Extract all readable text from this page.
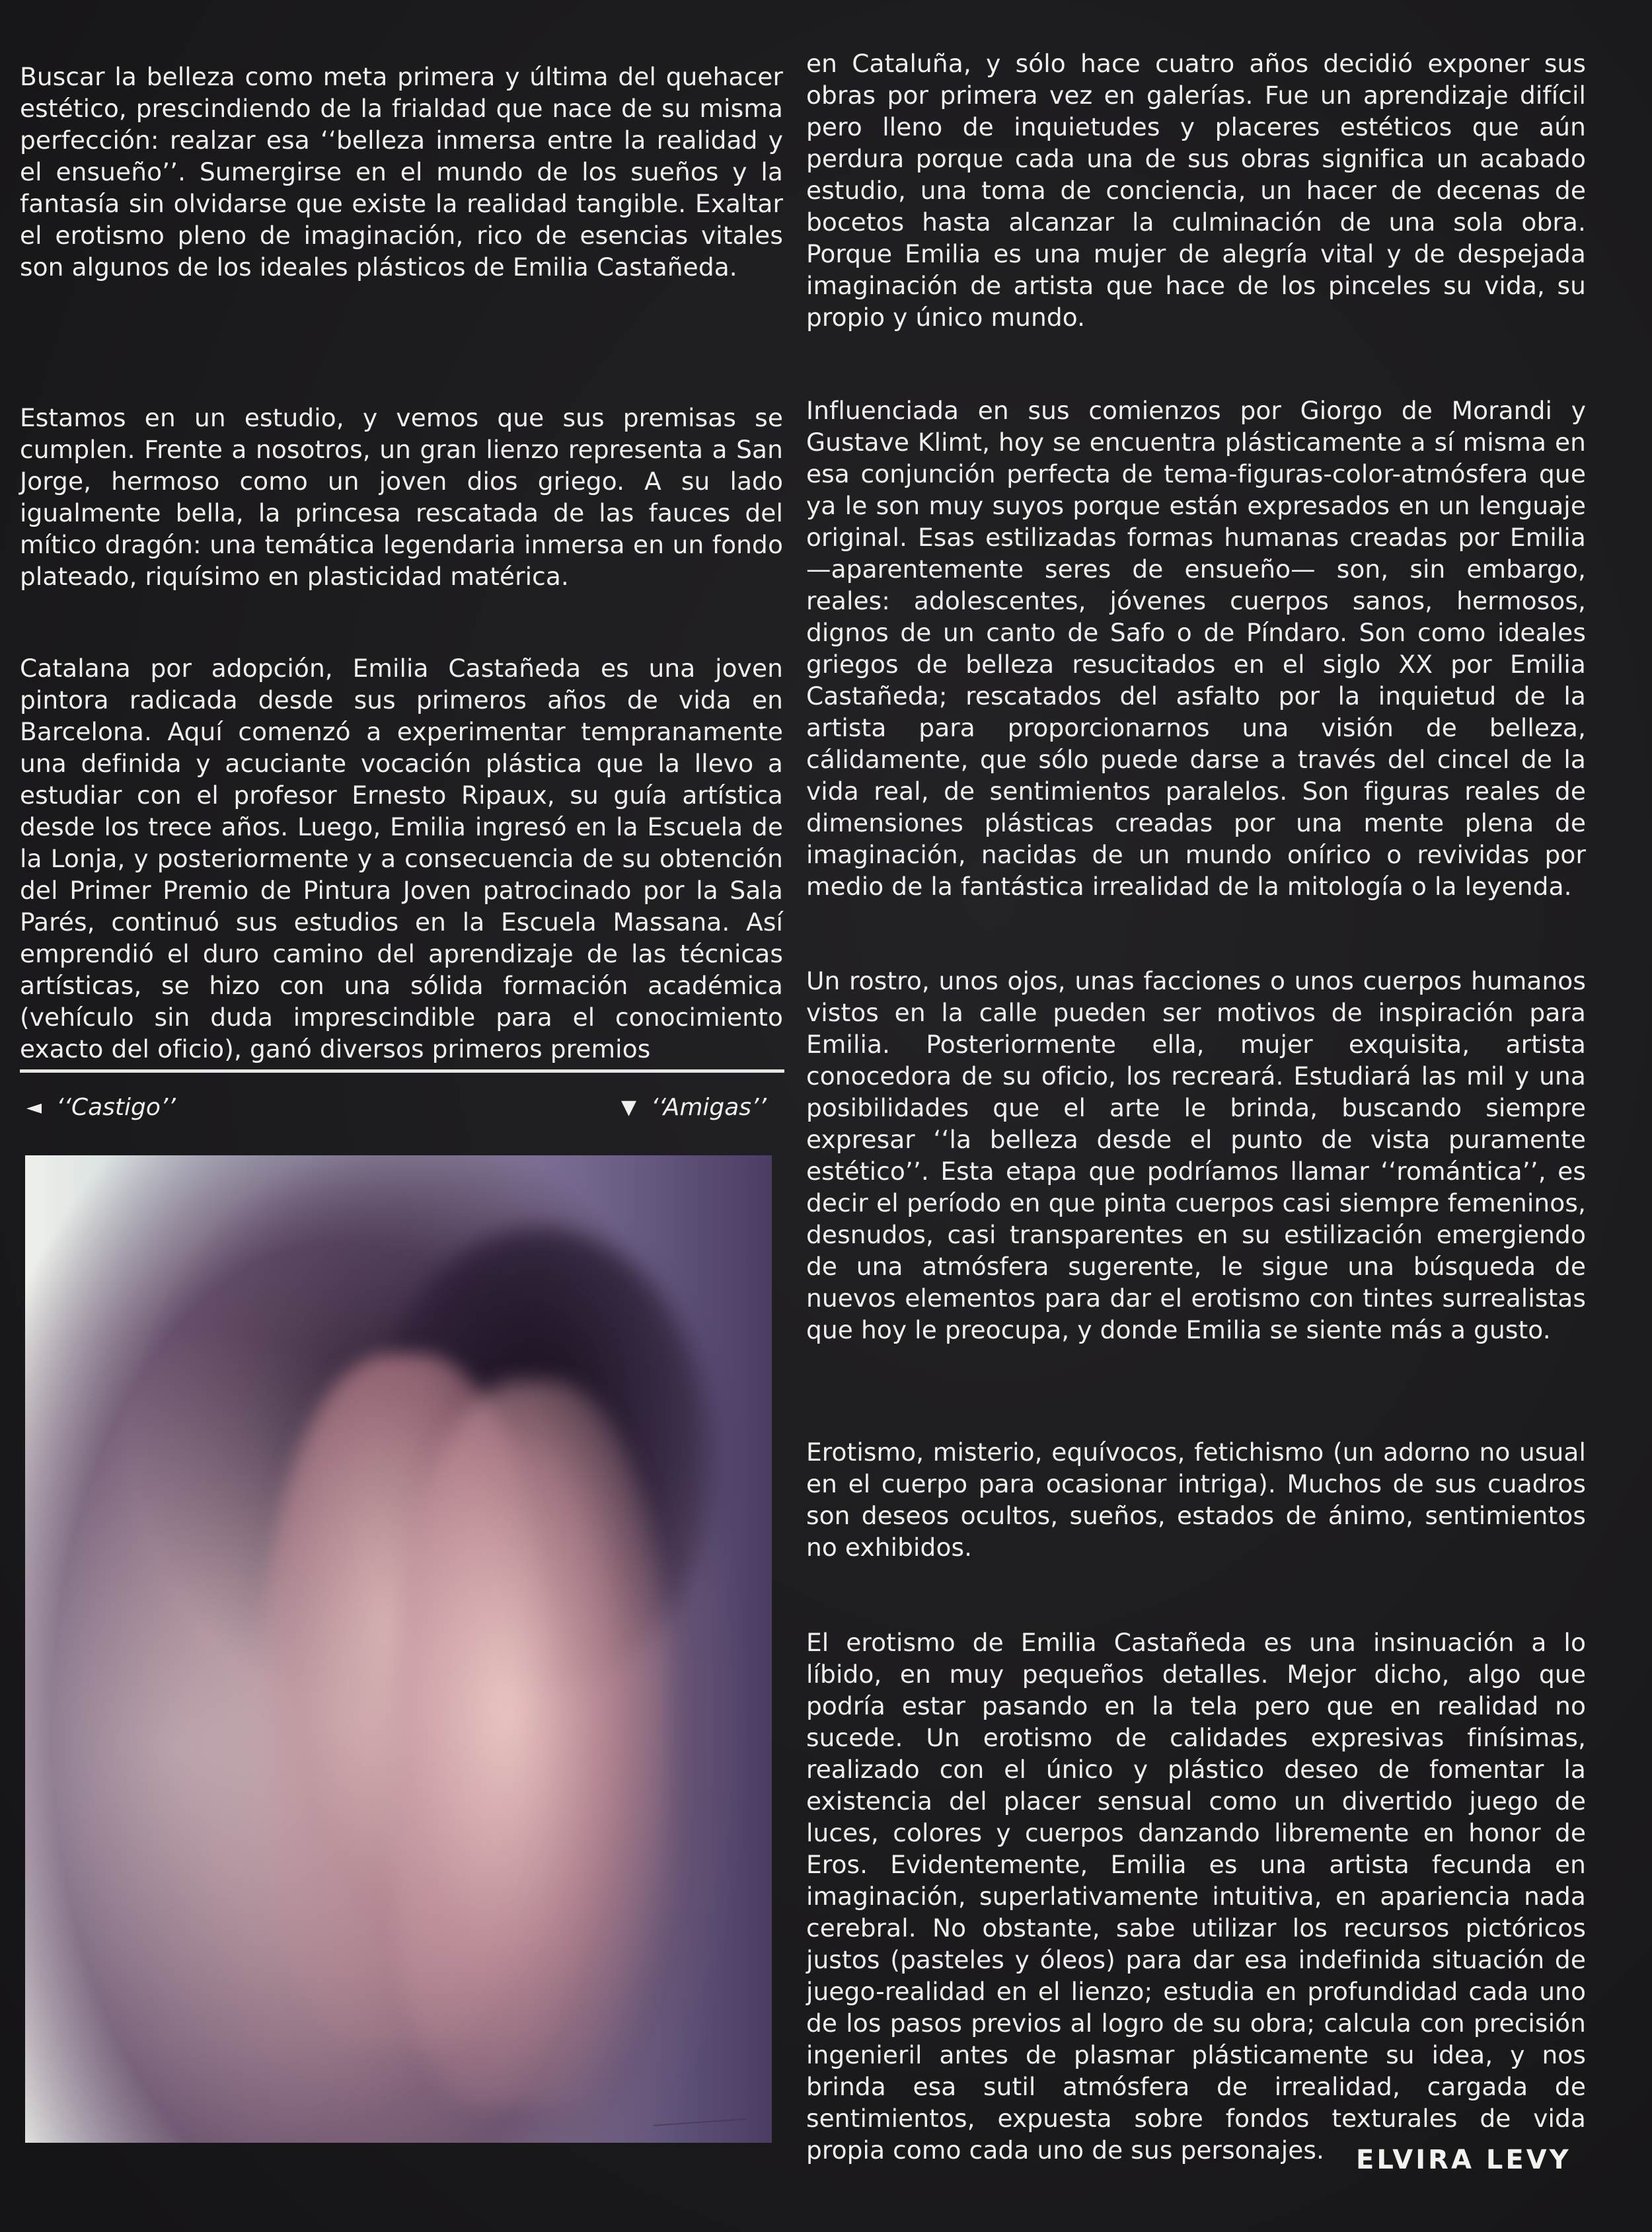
Buscar la belleza como meta primera y última del quehacer estético, prescindiendo de la frialdad que nace de su misma perfección: realzar esa ‘‘belleza inmersa entre la realidad y el ensueño’’. Sumergirse en el mundo de los sueños y la fantasía sin olvidarse que existe la realidad tangible. Exaltar el erotismo pleno de imaginación, rico de esencias vitales son algunos de los ideales plásticos de Emilia Castañeda.

Estamos en un estudio, y vemos que sus premisas se cumplen. Frente a nosotros, un gran lienzo representa a San Jorge, hermoso como un joven dios griego. A su lado igualmente bella, la princesa rescatada de las fauces del mítico dragón: una temática legendaria inmersa en un fondo plateado, riquísimo en plasticidad matérica.

Catalana por adopción, Emilia Castañeda es una joven pintora radicada desde sus primeros años de vida en Barcelona. Aquí comenzó a experimentar tempranamente una definida y acuciante vocación plástica que la llevo a estudiar con el profesor Ernesto Ripaux, su guía artística desde los trece años. Luego, Emilia ingresó en la Escuela de la Lonja, y posteriormente y a consecuencia de su obtención del Primer Premio de Pintura Joven patrocinado por la Sala Parés, continuó sus estudios en la Escuela Massana. Así emprendió el duro camino del aprendizaje de las técnicas artísticas, se hizo con una sólida formación académica (vehículo sin duda imprescindible para el conocimiento exacto del oficio), ganó diversos primeros premios

◄ ‘‘Castigo’’	▼ ‘‘Amigas’’

en Cataluña, y sólo hace cuatro años decidió exponer sus obras por primera vez en galerías. Fue un aprendizaje difícil pero lleno de inquietudes y placeres estéticos que aún perdura porque cada una de sus obras significa un acabado estudio, una toma de conciencia, un hacer de decenas de bocetos hasta alcanzar la culminación de una sola obra. Porque Emilia es una mujer de alegría vital y de despejada imaginación de artista que hace de los pinceles su vida, su propio y único mundo.

Influenciada en sus comienzos por Giorgo de Morandi y Gustave Klimt, hoy se encuentra plásticamente a sí misma en esa conjunción perfecta de tema-figuras-color-atmósfera que ya le son muy suyos porque están expresados en un lenguaje original. Esas estilizadas formas humanas creadas por Emilia —aparentemente seres de ensueño— son, sin embargo, reales: adolescentes, jóvenes cuerpos sanos, hermosos, dignos de un canto de Safo o de Píndaro. Son como ideales griegos de belleza resucitados en el siglo XX por Emilia Castañeda; rescatados del asfalto por la inquietud de la artista para proporcionarnos una visión de belleza, cálidamente, que sólo puede darse a través del cincel de la vida real, de sentimientos paralelos. Son figuras reales de dimensiones plásticas creadas por una mente plena de imaginación, nacidas de un mundo onírico o revividas por medio de la fantástica irrealidad de la mitología o la leyenda.

Un rostro, unos ojos, unas facciones o unos cuerpos humanos vistos en la calle pueden ser motivos de inspiración para Emilia. Posteriormente ella, mujer exquisita, artista conocedora de su oficio, los recreará. Estudiará las mil y una posibilidades que el arte le brinda, buscando siempre expresar ‘‘la belleza desde el punto de vista puramente estético’’. Esta etapa que podríamos llamar ‘‘romántica’’, es decir el período en que pinta cuerpos casi siempre femeninos, desnudos, casi transparentes en su estilización emergiendo de una atmósfera sugerente, le sigue una búsqueda de nuevos elementos para dar el erotismo con tintes surrealistas que hoy le preocupa, y donde Emilia se siente más a gusto.

Erotismo, misterio, equívocos, fetichismo (un adorno no usual en el cuerpo para ocasionar intriga). Muchos de sus cuadros son deseos ocultos, sueños, estados de ánimo, sentimientos no exhibidos.

El erotismo de Emilia Castañeda es una insinuación a lo líbido, en muy pequeños detalles. Mejor dicho, algo que podría estar pasando en la tela pero que en realidad no sucede. Un erotismo de calidades expresivas finísimas, realizado con el único y plástico deseo de fomentar la existencia del placer sensual como un divertido juego de luces, colores y cuerpos danzando libremente en honor de Eros. Evidentemente, Emilia es una artista fecunda en imaginación, superlativamente intuitiva, en apariencia nada cerebral. No obstante, sabe utilizar los recursos pictóricos justos (pasteles y óleos) para dar esa indefinida situación de juego-realidad en el lienzo; estudia en profundidad cada uno de los pasos previos al logro de su obra; calcula con precisión ingenieril antes de plasmar plásticamente su idea, y nos brinda esa sutil atmósfera de irrealidad, cargada de sentimientos, expuesta sobre fondos texturales de vida propia como cada uno de sus personajes.	ELVIRA LEVY
